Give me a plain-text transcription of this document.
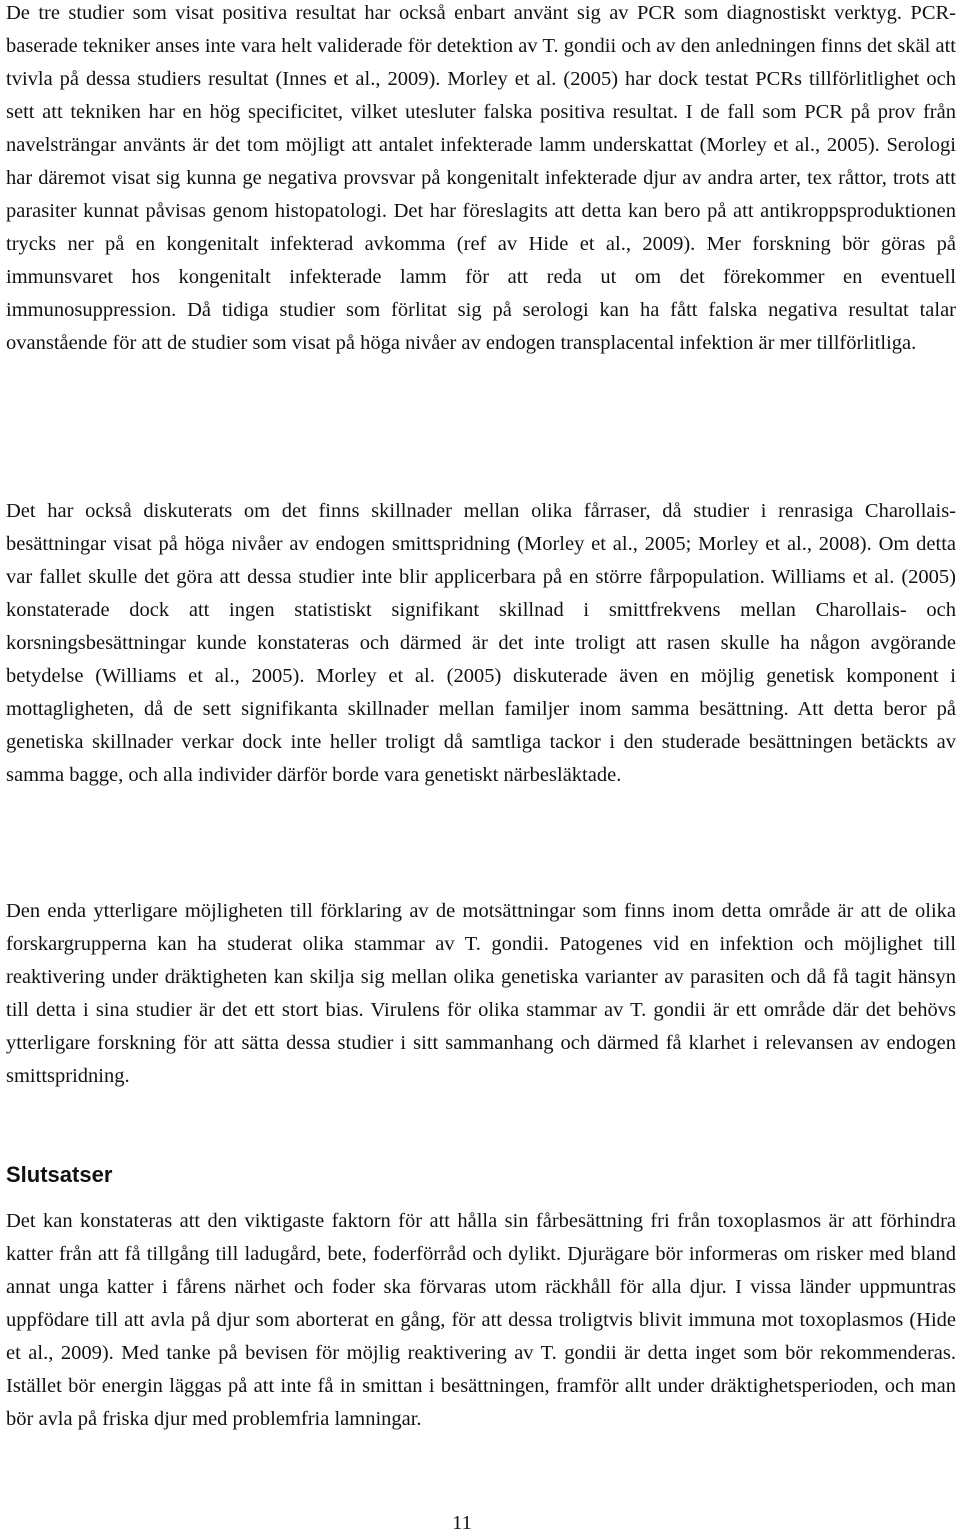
De tre studier som visat positiva resultat har också enbart använt sig av PCR som diagnostiskt verktyg. PCR-baserade tekniker anses inte vara helt validerade för detektion av T. gondii och av den anledningen finns det skäl att tvivla på dessa studiers resultat (Innes et al., 2009). Morley et al. (2005) har dock testat PCRs tillförlitlighet och sett att tekniken har en hög specificitet, vilket utesluter falska positiva resultat. I de fall som PCR på prov från navelsträngar använts är det tom möjligt att antalet infekterade lamm underskattat (Morley et al., 2005). Serologi har däremot visat sig kunna ge negativa provsvar på kongenitalt infekterade djur av andra arter, tex råttor, trots att parasiter kunnat påvisas genom histopatologi. Det har föreslagits att detta kan bero på att antikroppsproduktionen trycks ner på en kongenitalt infekterad avkomma (ref av Hide et al., 2009). Mer forskning bör göras på immunsvaret hos kongenitalt infekterade lamm för att reda ut om det förekommer en eventuell immunosuppression. Då tidiga studier som förlitat sig på serologi kan ha fått falska negativa resultat talar ovanstående för att de studier som visat på höga nivåer av endogen transplacental infektion är mer tillförlitliga.

Det har också diskuterats om det finns skillnader mellan olika fårraser, då studier i renrasiga Charollais-besättningar visat på höga nivåer av endogen smittspridning (Morley et al., 2005; Morley et al., 2008). Om detta var fallet skulle det göra att dessa studier inte blir applicerbara på en större fårpopulation. Williams et al. (2005) konstaterade dock att ingen statistiskt signifikant skillnad i smittfrekvens mellan Charollais- och korsningsbesättningar kunde konstateras och därmed är det inte troligt att rasen skulle ha någon avgörande betydelse (Williams et al., 2005). Morley et al. (2005) diskuterade även en möjlig genetisk komponent i mottagligheten, då de sett signifikanta skillnader mellan familjer inom samma besättning. Att detta beror på genetiska skillnader verkar dock inte heller troligt då samtliga tackor i den studerade besättningen betäckts av samma bagge, och alla individer därför borde vara genetiskt närbesläktade.

Den enda ytterligare möjligheten till förklaring av de motsättningar som finns inom detta område är att de olika forskargrupperna kan ha studerat olika stammar av T. gondii. Patogenes vid en infektion och möjlighet till reaktivering under dräktigheten kan skilja sig mellan olika genetiska varianter av parasiten och då få tagit hänsyn till detta i sina studier är det ett stort bias. Virulens för olika stammar av T. gondii är ett område där det behövs ytterligare forskning för att sätta dessa studier i sitt sammanhang och därmed få klarhet i relevansen av endogen smittspridning.

Slutsatser

Det kan konstateras att den viktigaste faktorn för att hålla sin fårbesättning fri från toxoplasmos är att förhindra katter från att få tillgång till ladugård, bete, foderförråd och dylikt. Djurägare bör informeras om risker med bland annat unga katter i fårens närhet och foder ska förvaras utom räckhåll för alla djur. I vissa länder uppmuntras uppfödare till att avla på djur som aborterat en gång, för att dessa troligtvis blivit immuna mot toxoplasmos (Hide et al., 2009). Med tanke på bevisen för möjlig reaktivering av T. gondii är detta inget som bör rekommenderas. Istället bör energin läggas på att inte få in smittan i besättningen, framför allt under dräktighetsperioden, och man bör avla på friska djur med problemfria lamningar.

11
